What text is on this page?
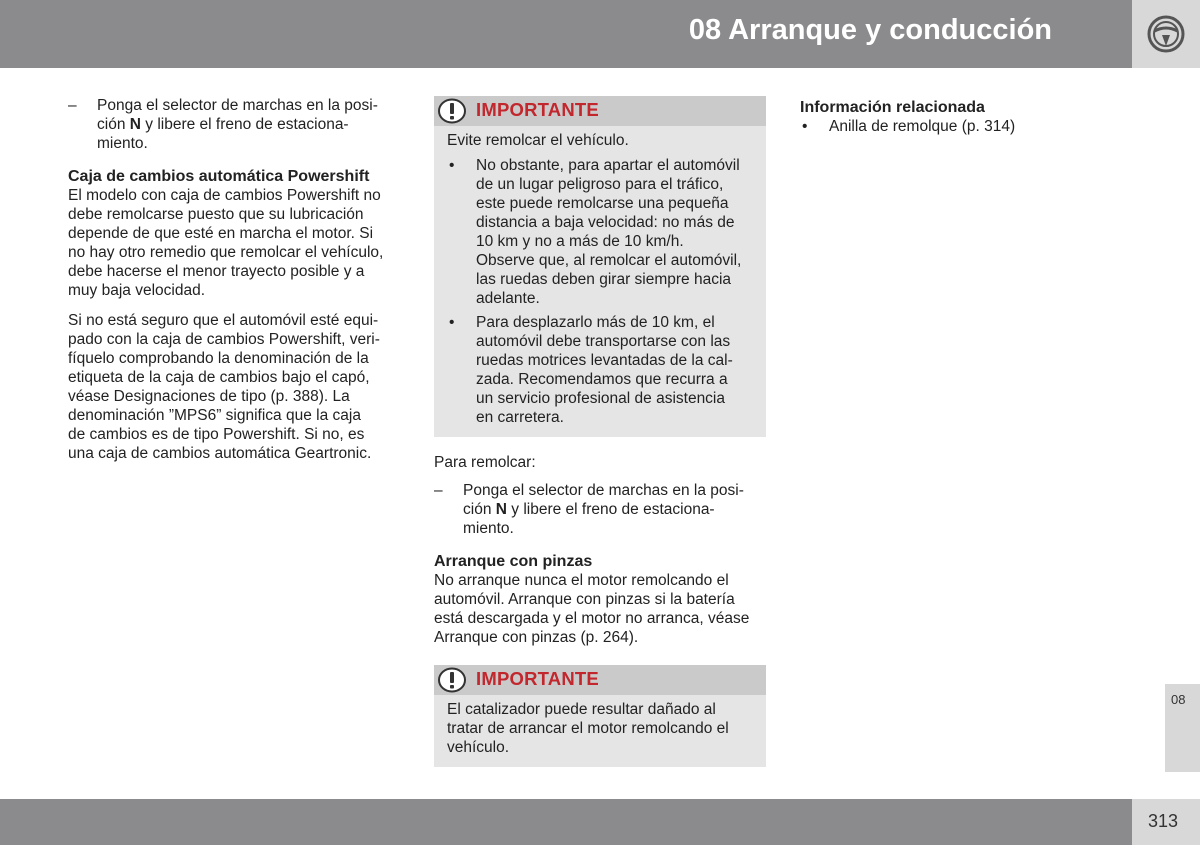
08 Arranque y conducción
– Ponga el selector de marchas en la posi-

ción N y libere el freno de estaciona-

miento.

Caja de cambios automática Powershift

El modelo con caja de cambios Powershift no

debe remolcarse puesto que su lubricación

depende de que esté en marcha el motor. Si

no hay otro remedio que remolcar el vehículo,

debe hacerse el menor trayecto posible y a

muy baja velocidad.

Si no está seguro que el automóvil esté equi-

pado con la caja de cambios Powershift, veri-

fíquelo comprobando la denominación de la

etiqueta de la caja de cambios bajo el capó,

véase Designaciones de tipo (p. 388). La

denominación ”MPS6” significa que la caja

de cambios es de tipo Powershift. Si no, es

una caja de cambios automática Geartronic.

IMPORTANTE

Evite remolcar el vehículo.

• No obstante, para apartar el automóvil

de un lugar peligroso para el tráfico,

este puede remolcarse una pequeña

distancia a baja velocidad: no más de

10 km y no a más de 10 km/h.

Observe que, al remolcar el automóvil,

las ruedas deben girar siempre hacia

adelante.

• Para desplazarlo más de 10 km, el

automóvil debe transportarse con las

ruedas motrices levantadas de la cal-

zada. Recomendamos que recurra a

un servicio profesional de asistencia

en carretera.

Para remolcar:

– Ponga el selector de marchas en la posi-

ción N y libere el freno de estaciona-

miento.

Arranque con pinzas

No arranque nunca el motor remolcando el

automóvil. Arranque con pinzas si la batería

está descargada y el motor no arranca, véase

Arranque con pinzas (p. 264).

IMPORTANTE

El catalizador puede resultar dañado al

tratar de arrancar el motor remolcando el

vehículo.

Información relacionada

• Anilla de remolque (p. 314)

08
313
